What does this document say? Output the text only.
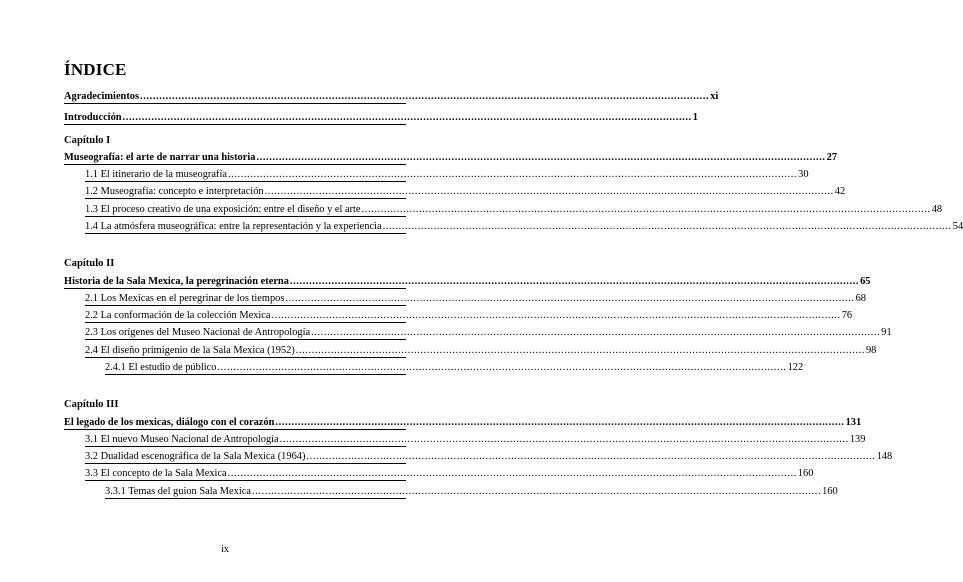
ÍNDICE
Agradecimientos .................................................................................................................................................................................. xi
Introducción .................................................................................................................................................................................. 1
Capítulo I
Museografía: el arte de narrar una historia .................................................................................................................................................................................. 27
1.1 El itinerario de la museografía .................................................................................................................................................................................. 30
1.2 Museografía: concepto e interpretación .................................................................................................................................................................................. 42
1.3 El proceso creativo de una exposición: entre el diseño y el arte .................................................................................................................................................................................. 48
1.4 La atmósfera museográfica: entre la representación y la experiencia .................................................................................................................................................................................. 54
Capítulo II
Historia de la Sala Mexica, la peregrinación eterna .................................................................................................................................................................................. 65
2.1 Los Mexicas en el peregrinar de los tiempos .................................................................................................................................................................................. 68
2.2 La conformación de la colección Mexica .................................................................................................................................................................................. 76
2.3 Los orígenes del Museo Nacional de Antropología .................................................................................................................................................................................. 91
2.4 El diseño primigenio de la Sala Mexica (1952) .................................................................................................................................................................................. 98
2.4.1 El estudio de público .................................................................................................................................................................................. 122
Capítulo III
El legado de los mexicas, diálogo con el corazón .................................................................................................................................................................................. 131
3.1 El nuevo Museo Nacional de Antropología .................................................................................................................................................................................. 139
3.2 Dualidad escenográfica de la Sala Mexica (1964) .................................................................................................................................................................................. 148
3.3 El concepto de la Sala Mexica .................................................................................................................................................................................. 160
3.3.1 Temas del guion Sala Mexica .................................................................................................................................................................................. 160
ix
